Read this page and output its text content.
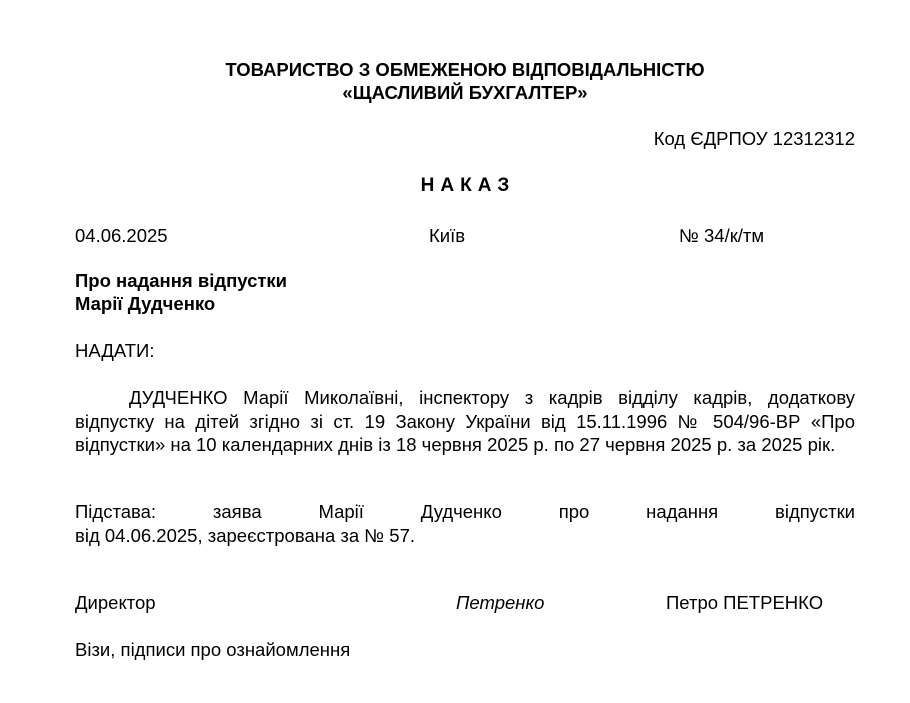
ТОВАРИСТВО З ОБМЕЖЕНОЮ ВІДПОВІДАЛЬНІСТЮ
«ЩАСЛИВИЙ БУХГАЛТЕР»
Код ЄДРПОУ 12312312
НАКАЗ
04.06.2025	Київ	№ 34/к/тм
Про надання відпустки
Марії Дудченко
НАДАТИ:
ДУДЧЕНКО Марії Миколаївні, інспектору з кадрів відділу кадрів, додаткову відпустку на дітей згідно зі ст. 19 Закону України від 15.11.1996 № 504/96-ВР «Про відпустки» на 10 календарних днів із 18 червня 2025 р. по 27 червня 2025 р. за 2025 рік.
Підстава: заява Марії Дудченко про надання відпустки
від 04.06.2025, зареєстрована за № 57.
Директор	Петренко	Петро ПЕТРЕНКО
Візи, підписи про ознайомлення
